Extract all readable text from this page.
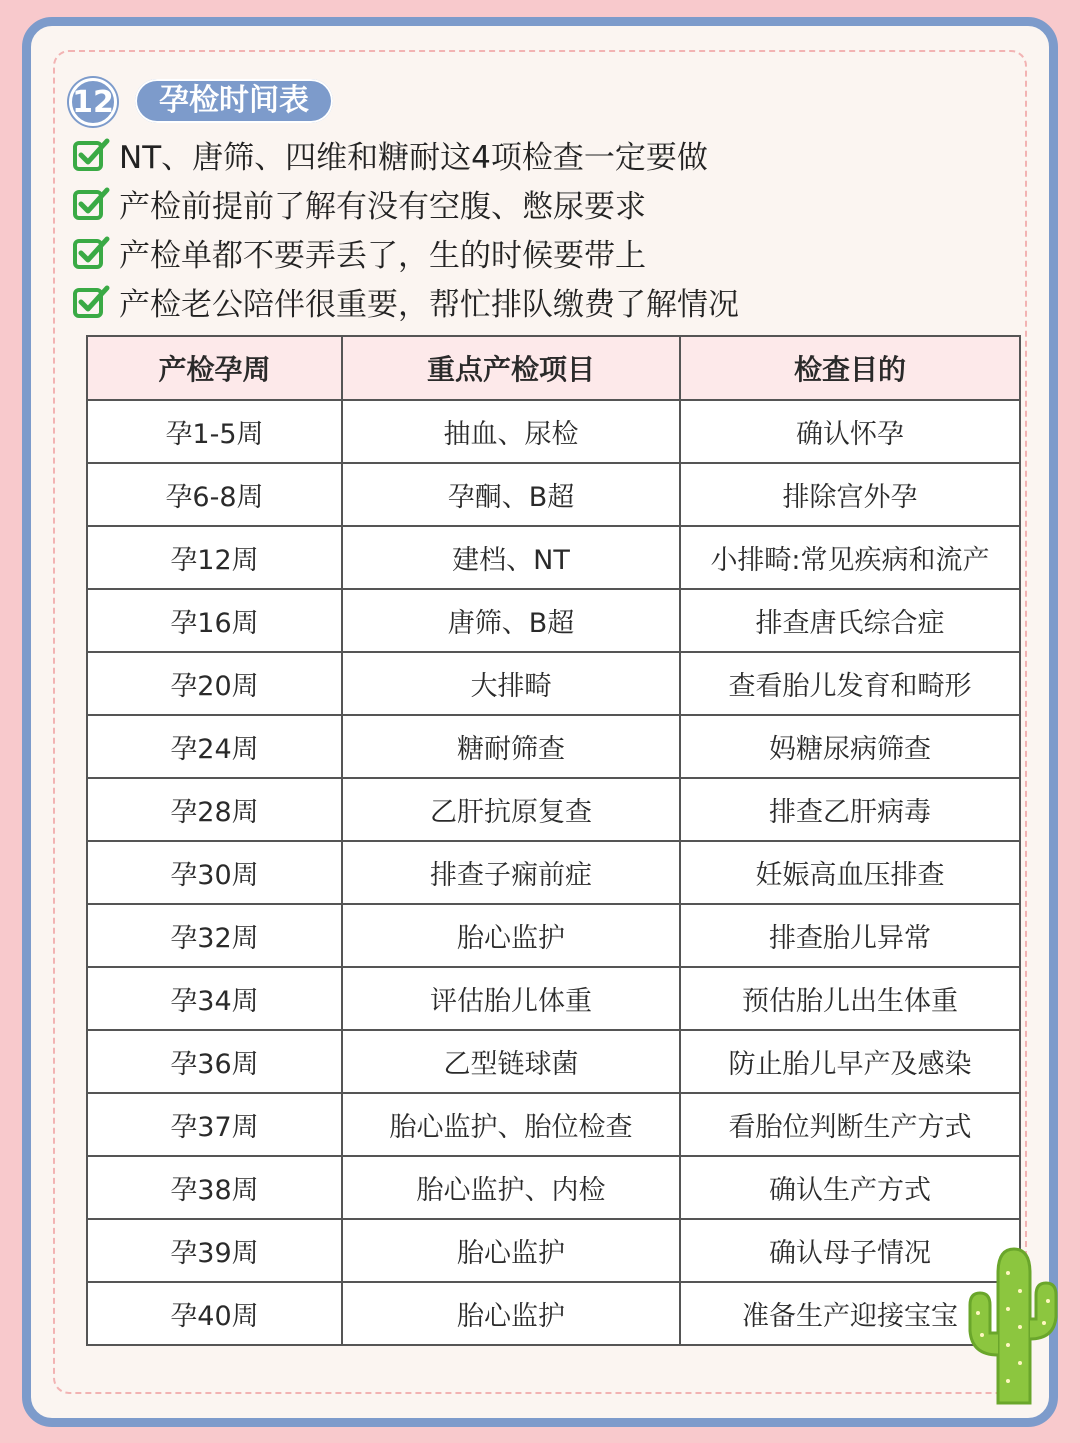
12	孕检时间表
NT、唐筛、四维和糖耐这4项检查一定要做
产检前提前了解有没有空腹、憋尿要求
产检单都不要弄丢了，生的时候要带上
产检老公陪伴很重要，帮忙排队缴费了解情况
产检孕周	重点产检项目	检查目的
孕1-5周	抽血、尿检	确认怀孕
孕6-8周	孕酮、B超	排除宫外孕
孕12周	建档、NT	小排畸:常见疾病和流产
孕16周	唐筛、B超	排查唐氏综合症
孕20周	大排畸	查看胎儿发育和畸形
孕24周	糖耐筛查	妈糖尿病筛查
孕28周	乙肝抗原复查	排查乙肝病毒
孕30周	排查子痫前症	妊娠高血压排查
孕32周	胎心监护	排查胎儿异常
孕34周	评估胎儿体重	预估胎儿出生体重
孕36周	乙型链球菌	防止胎儿早产及感染
孕37周	胎心监护、胎位检查	看胎位判断生产方式
孕38周	胎心监护、内检	确认生产方式
孕39周	胎心监护	确认母子情况
孕40周	胎心监护	准备生产迎接宝宝
